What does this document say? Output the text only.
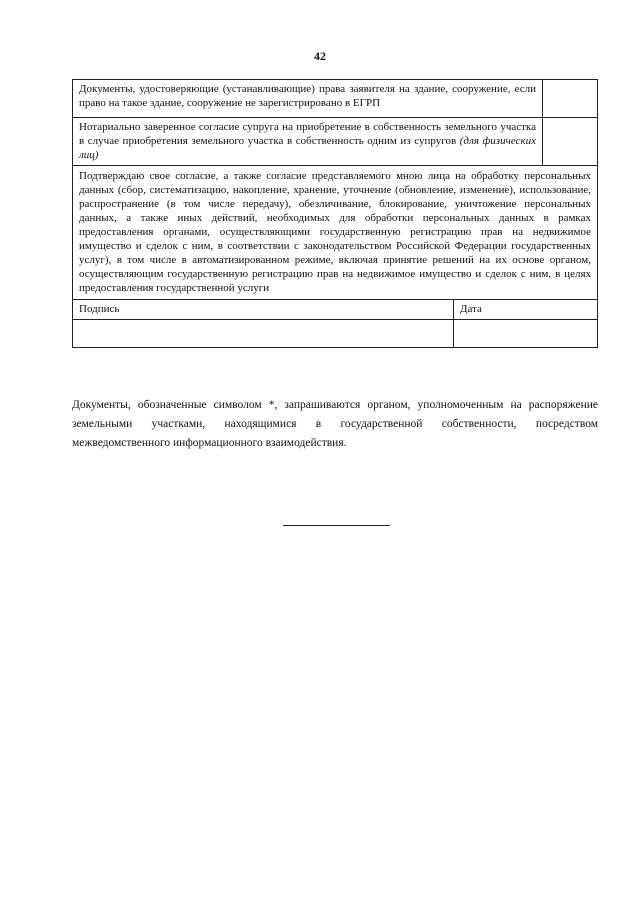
42
Документы, удостоверяющие (устанавливающие) права заявителя на здание, сооружение, если право на такое здание, сооружение не зарегистрировано в ЕГРП
Нотариально заверенное согласие супруга на приобретение в собственность земельного участка в случае приобретения земельного участка в собственность одним из супругов (для физических лиц)
Подтверждаю свое согласие, а также согласие представляемого мною лица на обработку персональных данных (сбор, систематизацию, накопление, хранение, уточнение (обновление, изменение), использование, распространение (в том числе передачу), обезличивание, блокирование, уничтожение персональных данных, а также иных действий, необходимых для обработки персональных данных в рамках предоставления органами, осуществляющими государственную регистрацию прав на недвижимое имущество и сделок с ним, в соответствии с законодательством Российской Федерации государственных услуг), в том числе в автоматизированном режиме, включая принятие решений на их основе органом, осуществляющим государственную регистрацию прав на недвижимое имущество и сделок с ним, в целях предоставления государственной услуги
Подпись	Дата
Документы, обозначенные символом *, запрашиваются органом, уполномоченным на распоряжение земельными участками, находящимися в государственной собственности, посредством межведомственного информационного взаимодействия.
